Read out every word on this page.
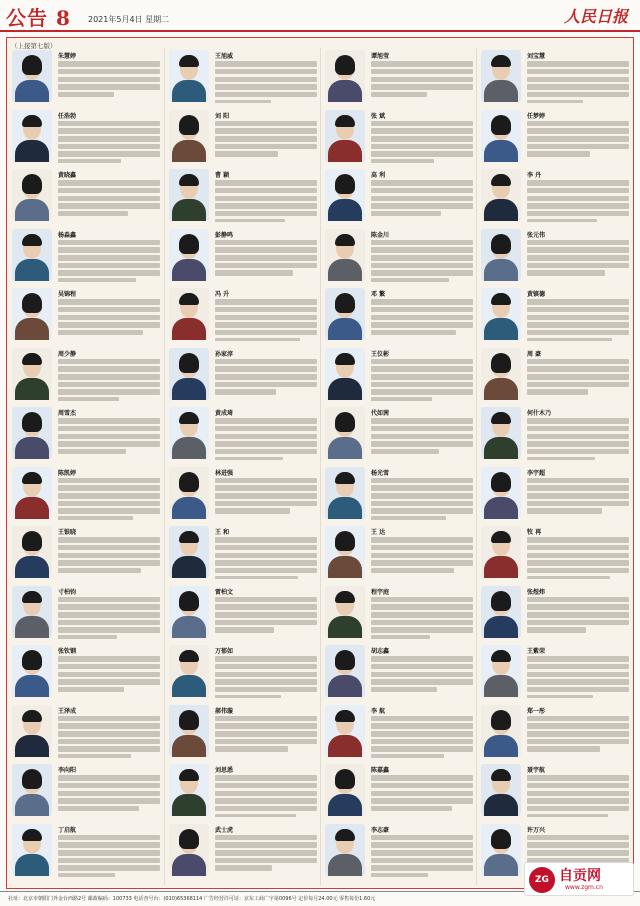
公告 8 2021年5月4日 星期二	人民日报
（上接第七版）
朱慧婷
任浩勃
黄晓鑫
杨淼鑫
吴锦程
周少静
周雪杰
陈凯婷
王银晓
寸柏钧
张钦钢
王泽成
李向阳
丁启航
王旭威
刘 阳
曹 颖
彭静鸣
冯 升
孙家淳
黄成琦
林进强
王 和
雷柏文
万郁如
郝伟璇
刘思悉
武士虎
谭旭莹
张 斌
高 利
陈金川
邓 繁
王仪彬
代如茜
杨光雪
王 达
程宇庭
胡志鑫
李 航
陈嘉鑫
李志豪
刘宝慧
任梦婷
李 丹
张元伟
黄镇德
周 豪
何什木乃
李宇超
牧 再
张煜炜
王紫荣
郑一彤
聂宇航
许万兴
社址：北京市朝阳门外金台西路2号 邮政编码：100733 电话查号台：(010)65368114 广告经营许可证：京东工商广字第0096号 定价每月24.00元 零售每份1.60元
ZG 自贡网
www.zgm.cn
